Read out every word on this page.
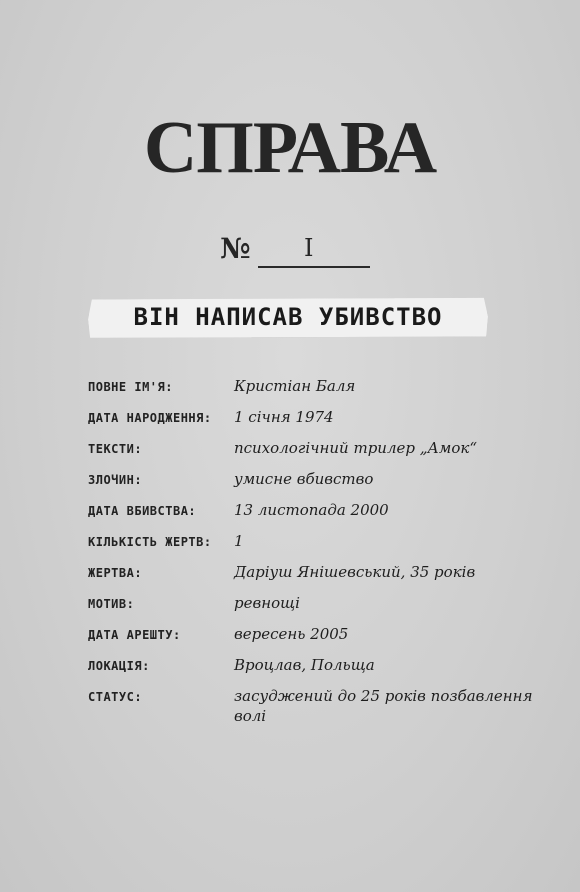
СПРАВА
№ I
ВІН НАПИСАВ УБИВСТВО
ПОВНЕ ІМ'Я:	Кристіан Баля
ДАТА НАРОДЖЕННЯ: 1 січня 1974
ТЕКСТИ:	психологічний трилер „Амок“
ЗЛОЧИН:	умисне вбивство
ДАТА ВБИВСТВА:	13 листопада 2000
КІЛЬКІСТЬ ЖЕРТВ: 1
ЖЕРТВА:	Даріуш Янішевський, 35 років
МОТИВ:	ревнощі
ДАТА АРЕШТУ:	вересень 2005
ЛОКАЦІЯ:	Вроцлав, Польща
СТАТУС:	засуджений до 25 років позбавлення волі
